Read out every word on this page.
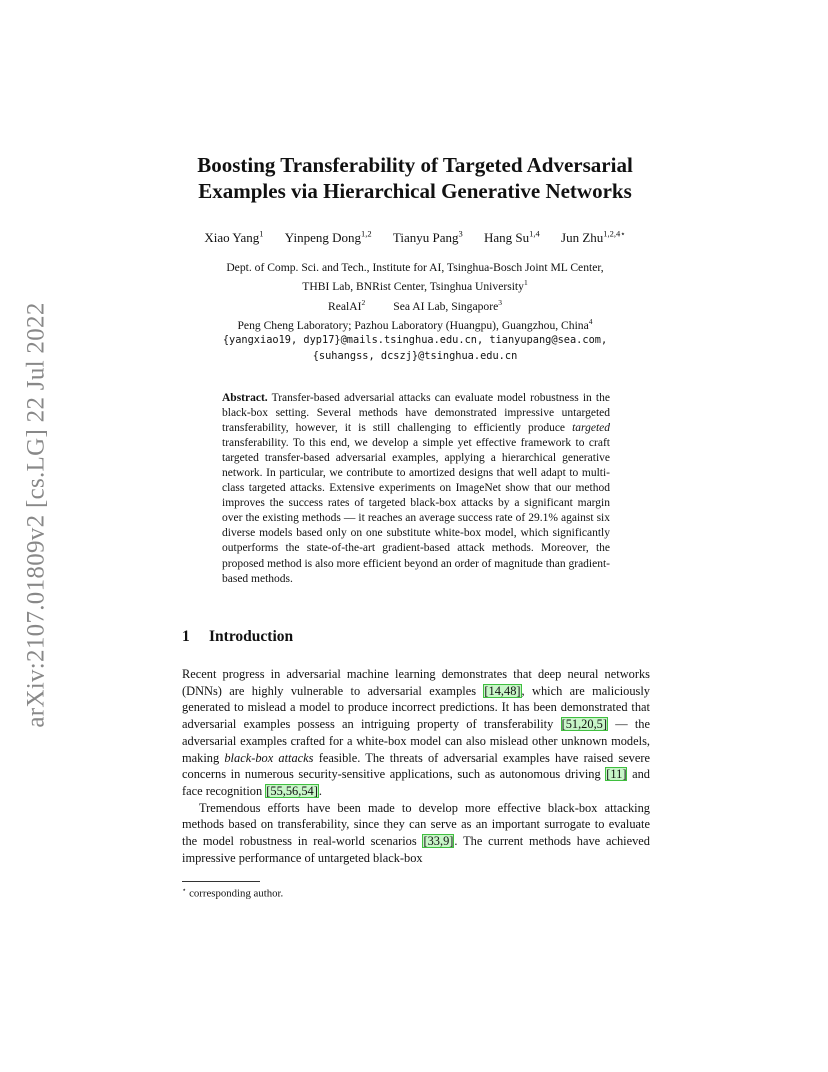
arXiv:2107.01809v2 [cs.LG] 22 Jul 2022
Boosting Transferability of Targeted Adversarial
Examples via Hierarchical Generative Networks
Xiao Yang$^1$ Yinpeng Dong$^{1,2}$ Tianyu Pang$^3$ Hang Su$^{1,4}$ Jun Zhu$^{1,2,4⋆}$
Dept. of Comp. Sci. and Tech., Institute for AI, Tsinghua-Bosch Joint ML Center,
THBI Lab, BNRist Center, Tsinghua University$^1$
RealAI$^2$ Sea AI Lab, Singapore$^3$
Peng Cheng Laboratory; Pazhou Laboratory (Huangpu), Guangzhou, China$^4$
{yangxiao19, dyp17}@mails.tsinghua.edu.cn, tianyupang@sea.com,
{suhangss, dcszj}@tsinghua.edu.cn
Abstract. Transfer-based adversarial attacks can evaluate model robustness in the black-box setting. Several methods have demonstrated impressive untargeted transferability, however, it is still challenging to efficiently produce targeted transferability. To this end, we develop a simple yet effective framework to craft targeted transfer-based adversarial examples, applying a hierarchical generative network. In particular, we contribute to amortized designs that well adapt to multi-class targeted attacks. Extensive experiments on ImageNet show that our method improves the success rates of targeted black-box attacks by a significant margin over the existing methods — it reaches an average success rate of 29.1% against six diverse models based only on one substitute white-box model, which significantly outperforms the state-of-the-art gradient-based attack methods. Moreover, the proposed method is also more efficient beyond an order of magnitude than gradient-based methods.
1 Introduction

Recent progress in adversarial machine learning demonstrates that deep neural networks (DNNs) are highly vulnerable to adversarial examples [14,48], which are maliciously generated to mislead a model to produce incorrect predictions. It has been demonstrated that adversarial examples possess an intriguing property of transferability [51,20,5] — the adversarial examples crafted for a white-box model can also mislead other unknown models, making black-box attacks feasible. The threats of adversarial examples have raised severe concerns in numerous security-sensitive applications, such as autonomous driving [11] and face recognition [55,56,54].

Tremendous efforts have been made to develop more effective black-box attacking methods based on transferability, since they can serve as an important surrogate to evaluate the model robustness in real-world scenarios [33,9]. The current methods have achieved impressive performance of untargeted black-box

⋆ corresponding author.
